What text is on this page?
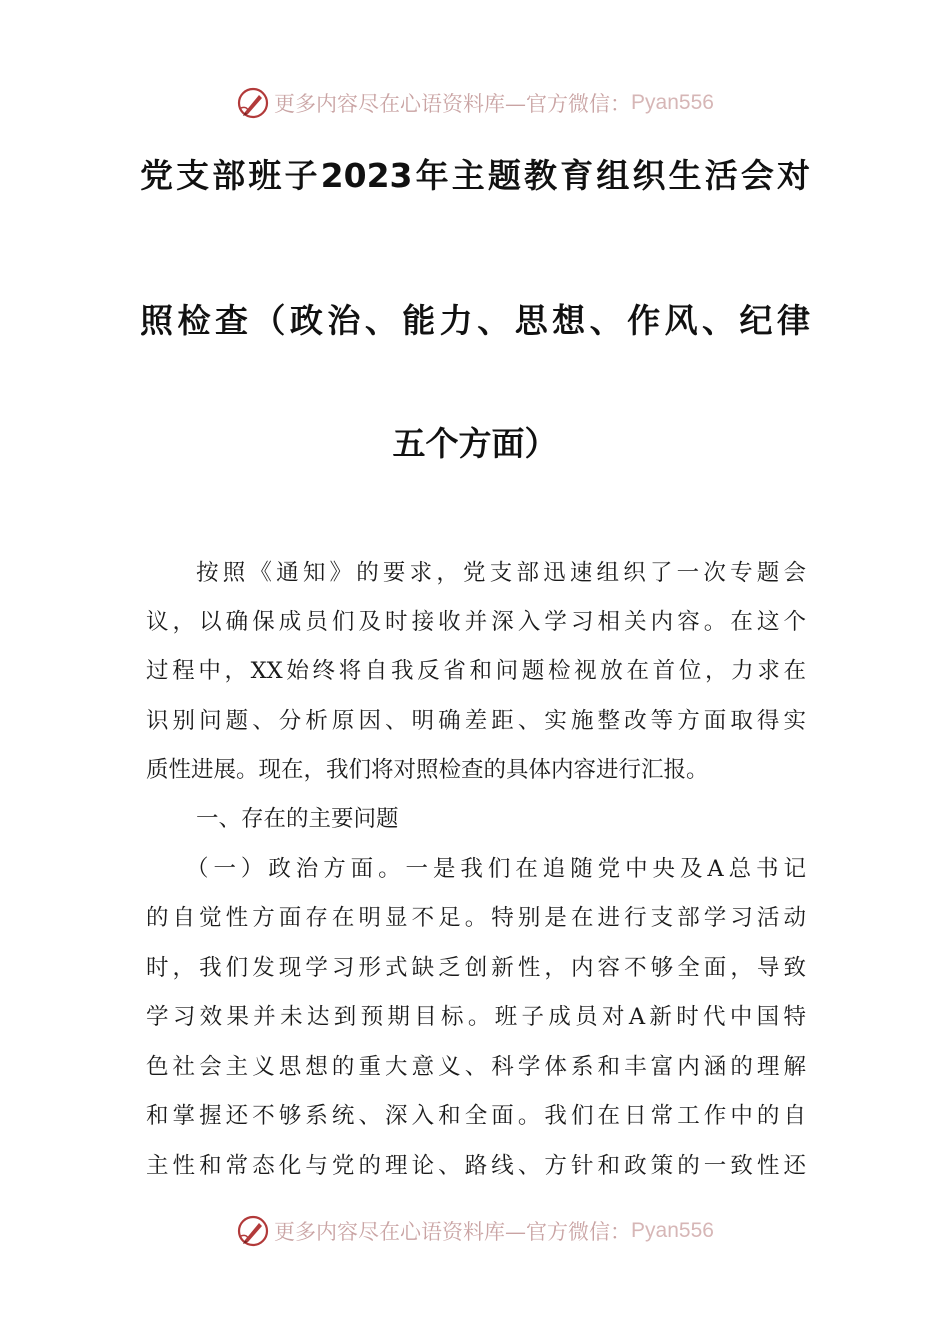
更多内容尽在心语资料库—官方微信： Pyan556
党支部班子2023年主题教育组织生活会对
照检查（政治、能力、思想、作风、纪律
五个方面）
按照《通知》的要求，党支部迅速组织了一次专题会
议，以确保成员们及时接收并深入学习相关内容。在这个
过程中，XX始终将自我反省和问题检视放在首位，力求在
识别问题、分析原因、明确差距、实施整改等方面取得实
质性进展。现在，我们将对照检查的具体内容进行汇报。
一、存在的主要问题
（一）政治方面。一是我们在追随党中央及A总书记
的自觉性方面存在明显不足。特别是在进行支部学习活动
时，我们发现学习形式缺乏创新性，内容不够全面，导致
学习效果并未达到预期目标。班子成员对A新时代中国特
色社会主义思想的重大意义、科学体系和丰富内涵的理解
和掌握还不够系统、深入和全面。我们在日常工作中的自
主性和常态化与党的理论、路线、方针和政策的一致性还
更多内容尽在心语资料库—官方微信： Pyan556
